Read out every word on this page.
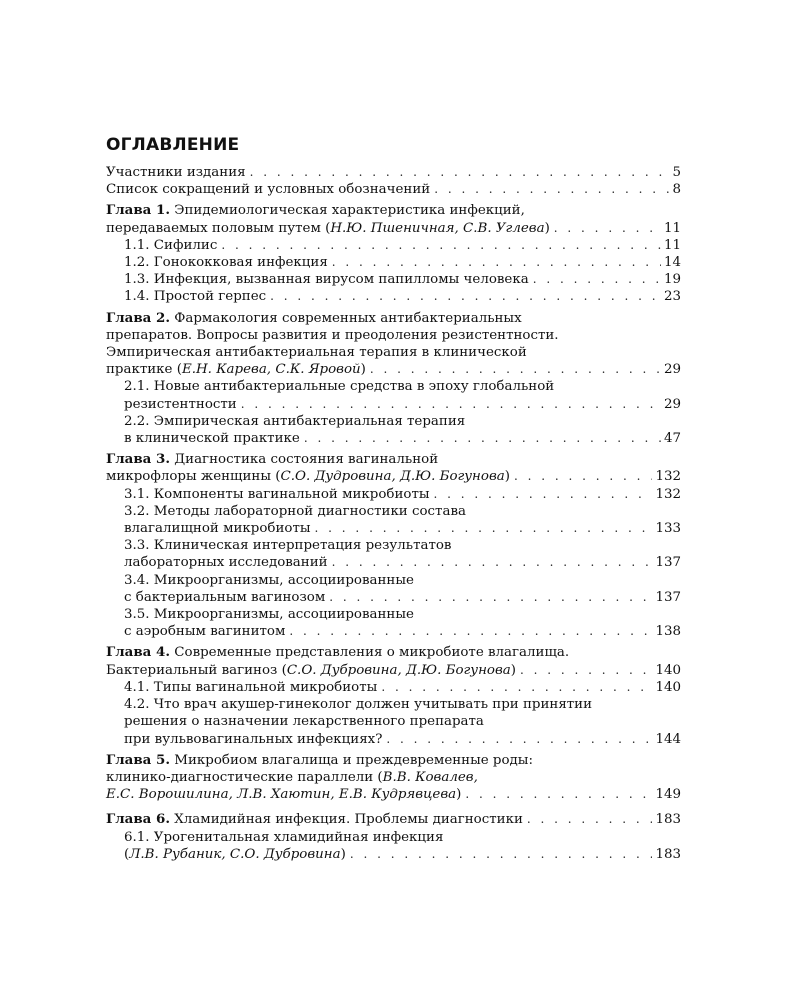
ОГЛАВЛЕНИЕ
Участники издания . . .	5
Список сокращений и условных обозначений . . .	8
Глава 1. Эпидемиологическая характеристика инфекций,
передаваемых половым путем (Н.Ю. Пшеничная, С.В. Углева) . . .	11
1.1. Сифилис . . .	11
1.2. Гонококковая инфекция . . .	14
1.3. Инфекция, вызванная вирусом папилломы человека . . .	19
1.4. Простой герпес . . .	23
Глава 2. Фармакология современных антибактериальных
препаратов. Вопросы развития и преодоления резистентности.
Эмпирическая антибактериальная терапия в клинической
практике (Е.Н. Карева, С.К. Яровой) . . .	29
2.1. Новые антибактериальные средства в эпоху глобальной
резистентности . . .	29
2.2. Эмпирическая антибактериальная терапия
в клинической практике . . .	47
Глава 3. Диагностика состояния вагинальной
микрофлоры женщины (С.О. Дудровина, Д.Ю. Богунова) . . .	132
3.1. Компоненты вагинальной микробиоты . . .	132
3.2. Методы лабораторной диагностики состава
влагалищной микробиоты . . .	133
3.3. Клиническая интерпретация результатов
лабораторных исследований . . .	137
3.4. Микроорганизмы, ассоциированные
с бактериальным вагинозом . . .	137
3.5. Микроорганизмы, ассоциированные
с аэробным вагинитом . . .	138
Глава 4. Современные представления о микробиоте влагалища.
Бактериальный вагиноз (С.О. Дубровина, Д.Ю. Богунова) . . .	140
4.1. Типы вагинальной микробиоты . . .	140
4.2. Что врач акушер-гинеколог должен учитывать при принятии
решения о назначении лекарственного препарата
при вульвовагинальных инфекциях? . . .	144
Глава 5. Микробиом влагалища и преждевременные роды:
клинико-диагностические параллели (В.В. Ковалев,
Е.С. Ворошилина, Л.В. Хаютин, Е.В. Кудрявцева) . . .	149
Глава 6. Хламидийная инфекция. Проблемы диагностики . . .	183
6.1. Урогенитальная хламидийная инфекция
(Л.В. Рубаник, С.О. Дубровина) . . .	183
